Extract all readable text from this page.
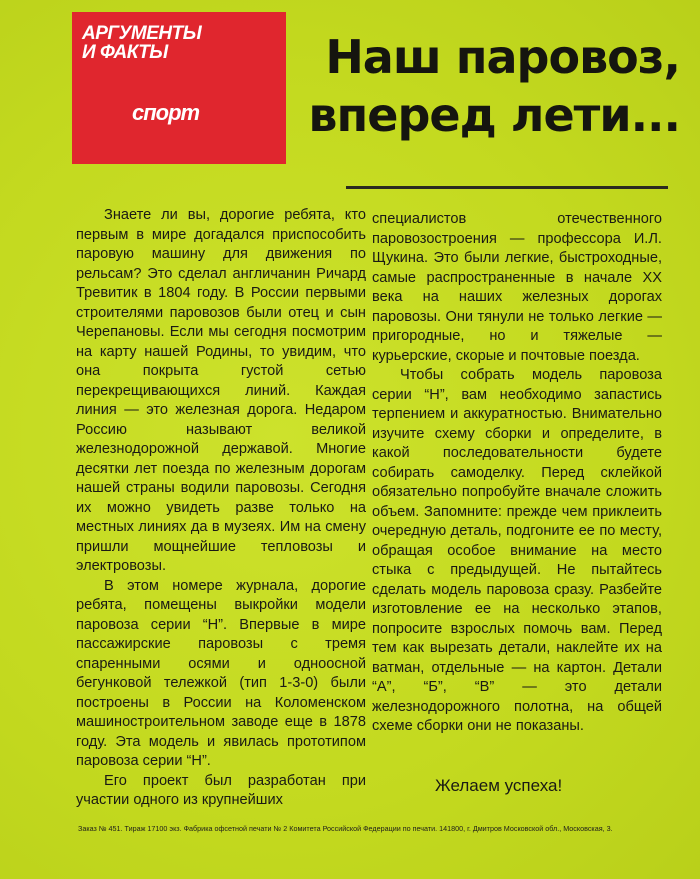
АРГУМЕНТЫ
И ФАКТЫ
спорт
Наш паровоз,
вперед лети...

Знаете ли вы, дорогие ребята, кто первым в мире догадался приспособить паровую машину для движения по рельсам? Это сделал англичанин Ричард Тревитик в 1804 году. В России первыми строителями паровозов были отец и сын Черепановы. Если мы сегодня посмотрим на карту нашей Родины, то увидим, что она покрыта густой сетью перекрещивающихся линий. Каждая линия — это железная дорога. Недаром Россию называют великой железнодорожной державой. Многие десятки лет поезда по железным дорогам нашей страны водили паровозы. Сегодня их можно увидеть разве только на местных линиях да в музеях. Им на смену пришли мощнейшие тепловозы и электровозы.

В этом номере журнала, дорогие ребята, помещены выкройки модели паровоза серии “Н”. Впервые в мире пассажирские паровозы с тремя спаренными осями и одноосной бегунковой тележкой (тип 1-3-0) были построены в России на Коломенском машиностроительном заводе еще в 1878 году. Эта модель и явилась прототипом паровоза серии “Н”.

Его проект был разработан при участии одного из крупнейших

специалистов отечественного паровозостроения — профессора И.Л. Щукина. Это были легкие, быстроходные, самые распространенные в начале XX века на наших железных дорогах паровозы. Они тянули не только легкие — пригородные, но и тяжелые — курьерские, скорые и почтовые поезда.

Чтобы собрать модель паровоза серии “Н”, вам необходимо запастись терпением и аккуратностью. Внимательно изучите схему сборки и определите, в какой последовательности будете собирать самоделку. Перед склейкой обязательно попробуйте вначале сложить объем. Запомните: прежде чем приклеить очередную деталь, подгоните ее по месту, обращая особое внимание на место стыка с предыдущей. Не пытайтесь сделать модель паровоза сразу. Разбейте изготовление ее на несколько этапов, попросите взрослых помочь вам. Перед тем как вырезать детали, наклейте их на ватман, отдельные — на картон. Детали “А”, “Б”, “В” — это детали железнодорожного полотна, на общей схеме сборки они не показаны.

Желаем успеха!
Заказ № 451. Тираж 17100 экз. Фабрика офсетной печати № 2 Комитета Российской Федерации по печати. 141800, г. Дмитров Московской обл., Московская, 3.
